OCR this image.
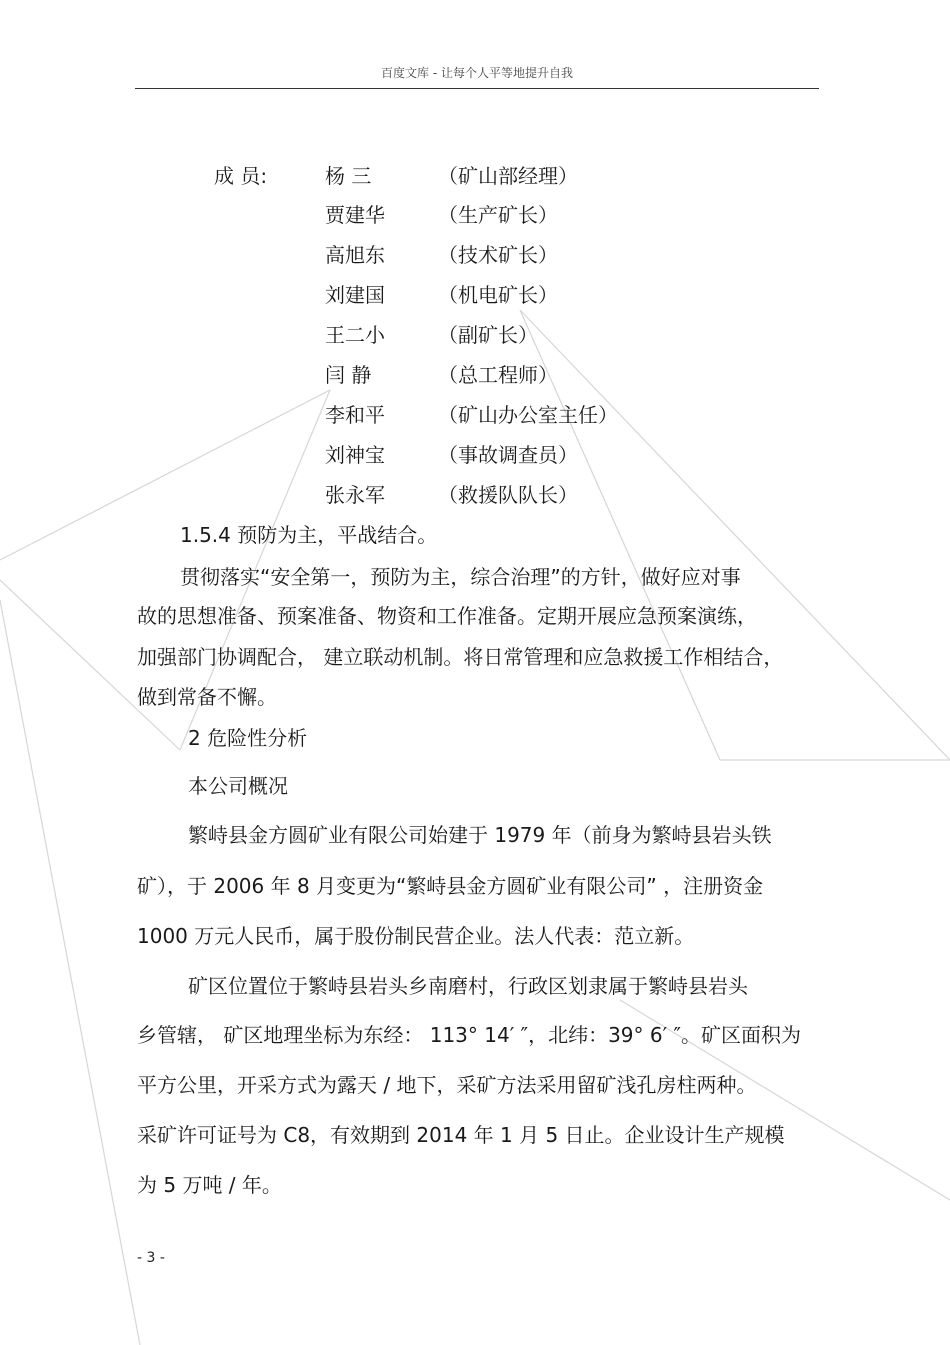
百度文库 - 让每个人平等地提升自我
成 员:	杨 三	（矿山部经理）
贾建华	（生产矿长）
高旭东	（技术矿长）
刘建国	（机电矿长）
王二小	（副矿长）
闫 静	（总工程师）
李和平	（矿山办公室主任）
刘神宝	（事故调查员）
张永军	（救援队队长）
1.5.4 预防为主，平战结合。
贯彻落实“安全第一，预防为主，综合治理”的方针，做好应对事
故的思想准备、预案准备、物资和工作准备。定期开展应急预案演练，
加强部门协调配合， 建立联动机制。将日常管理和应急救援工作相结合，
做到常备不懈。
2 危险性分析
本公司概况
繁峙县金方圆矿业有限公司始建于 1979 年（前身为繁峙县岩头铁
矿），于 2006 年 8 月变更为“繁峙县金方圆矿业有限公司” ，注册资金
1000 万元人民币，属于股份制民营企业。法人代表：范立新。
矿区位置位于繁峙县岩头乡南磨村，行政区划隶属于繁峙县岩头
乡管辖， 矿区地理坐标为东经： 113° 14′ ″，北纬：39° 6′ ″。矿区面积为
平方公里，开采方式为露天 / 地下，采矿方法采用留矿浅孔房柱两种。
采矿许可证号为 C8，有效期到 2014 年 1 月 5 日止。企业设计生产规模
为 5 万吨 / 年。
- 3 -
